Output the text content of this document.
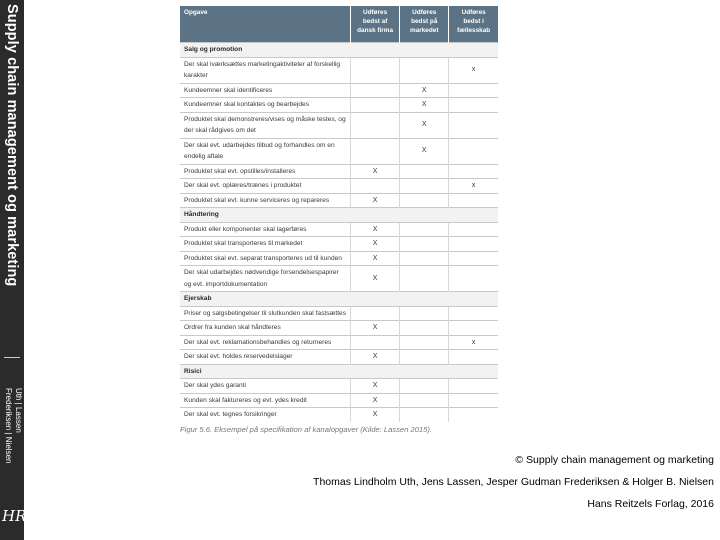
Supply chain management og marketing
Uth | Lassen
Frederiksen | Nielsen
HR
Opgave	Udføres bedst af dansk firma	Udføres bedst på markedet	Udføres bedst i fællesskab

Salg og promotion			
Der skal iværksættes marketingaktiviteter af forskellig karakter			x
Kundeemner skal identificeres		X	
Kundeemner skal kontaktes og bearbejdes		X	
Produktet skal demonstreres/vises og måske testes, og der skal rådgives om det		X	
Der skal evt. udarbejdes tilbud og forhandles om en endelig aftale		X	
Produktet skal evt. opstilles/installeres	X		
Der skal evt. oplæres/trænes i produktet			x
Produktet skal evt. kunne serviceres og repareres	X		
Håndtering			
Produkt eller komponenter skal lagerføres	X		
Produktet skal transporteres til markedet	X		
Produktet skal evt. separat transporteres ud til kunden	X		
Der skal udarbejdes nødvendige forsendelsespapirer og evt. importdokumentation	X		
Ejerskab			
Priser og salgsbetingelser til slutkunden skal fastsættes			
Ordrer fra kunden skal håndteres	X		
Der skal evt. reklamationsbehandles og returneres			x
Der skal evt. holdes reservedelslager	X		
Risici			
Der skal ydes garanti	X		
Kunden skal faktureres og evt. ydes kredit	X		
Der skal evt. tegnes forsikringer	X		
Figur 5.6. Eksempel på specifikation af kanalopgaver (Kilde: Lassen 2015).
© Supply chain management og marketing
Thomas Lindholm Uth, Jens Lassen, Jesper Gudman Frederiksen & Holger B. Nielsen
Hans Reitzels Forlag, 2016
